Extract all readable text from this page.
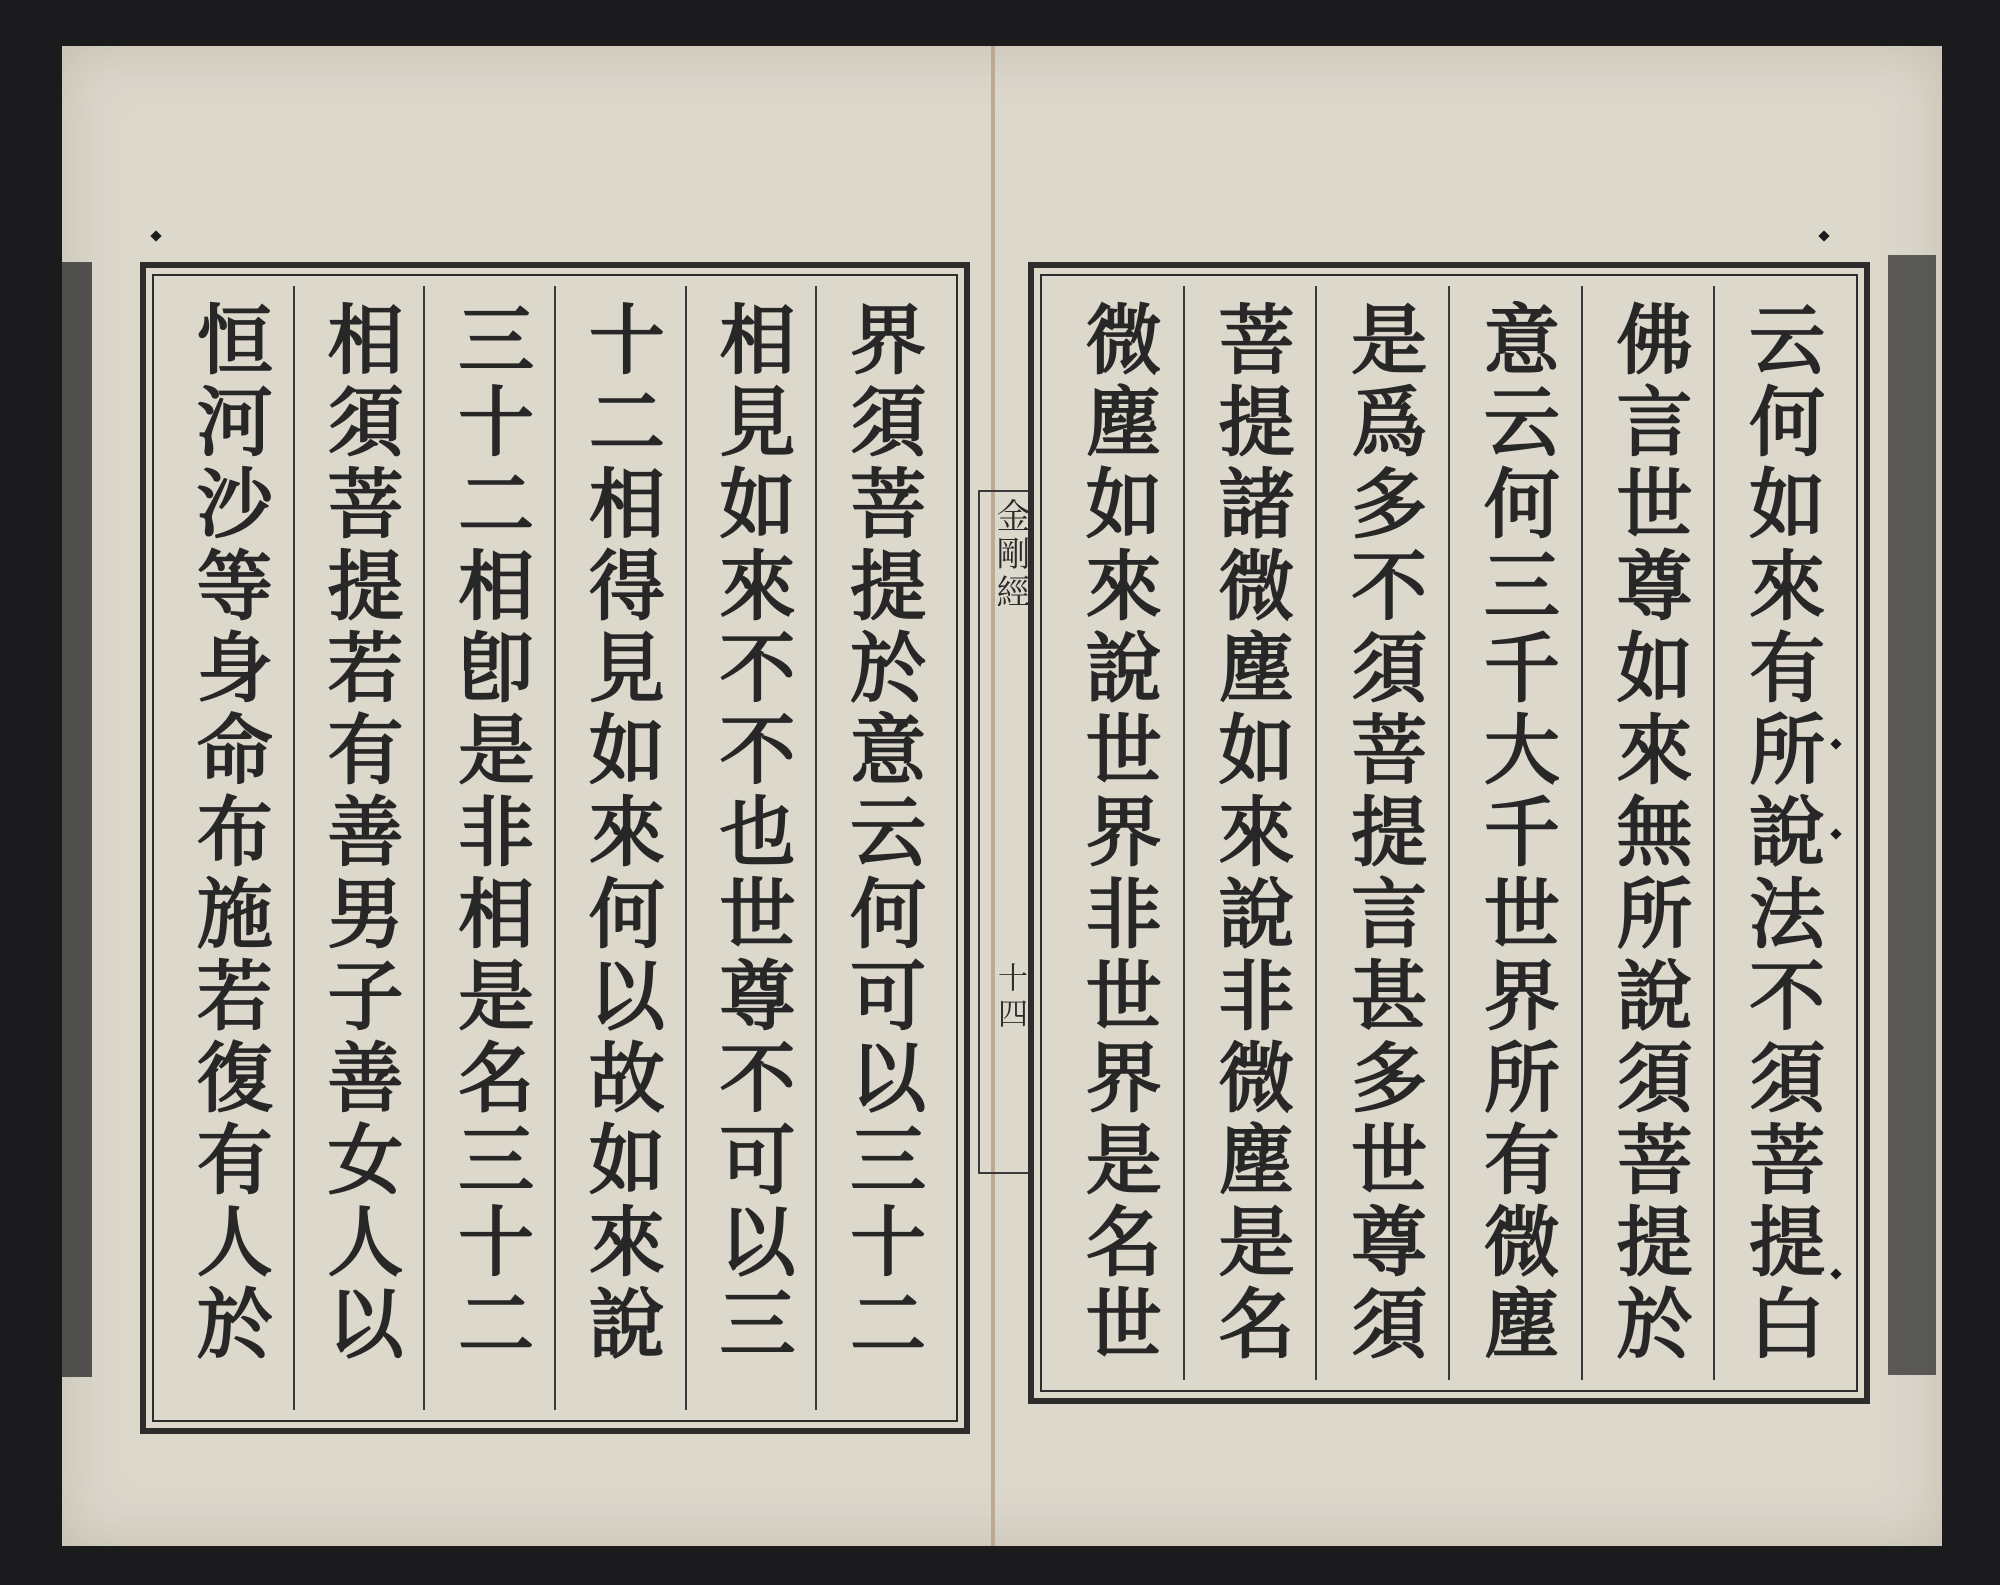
界須菩提於意云何可以三十二
相見如來不不也世尊不可以三
十二相得見如來何以故如來說
三十二相卽是非相是名三十二
相須菩提若有善男子善女人以
恒河沙等身命布施若復有人於	金剛經
十四	云何如來有所說法不須菩提白
佛言世尊如來無所說須菩提於
意云何三千大千世界所有微塵
是爲多不須菩提言甚多世尊須
菩提諸微塵如來說非微塵是名
微塵如來說世界非世界是名世
